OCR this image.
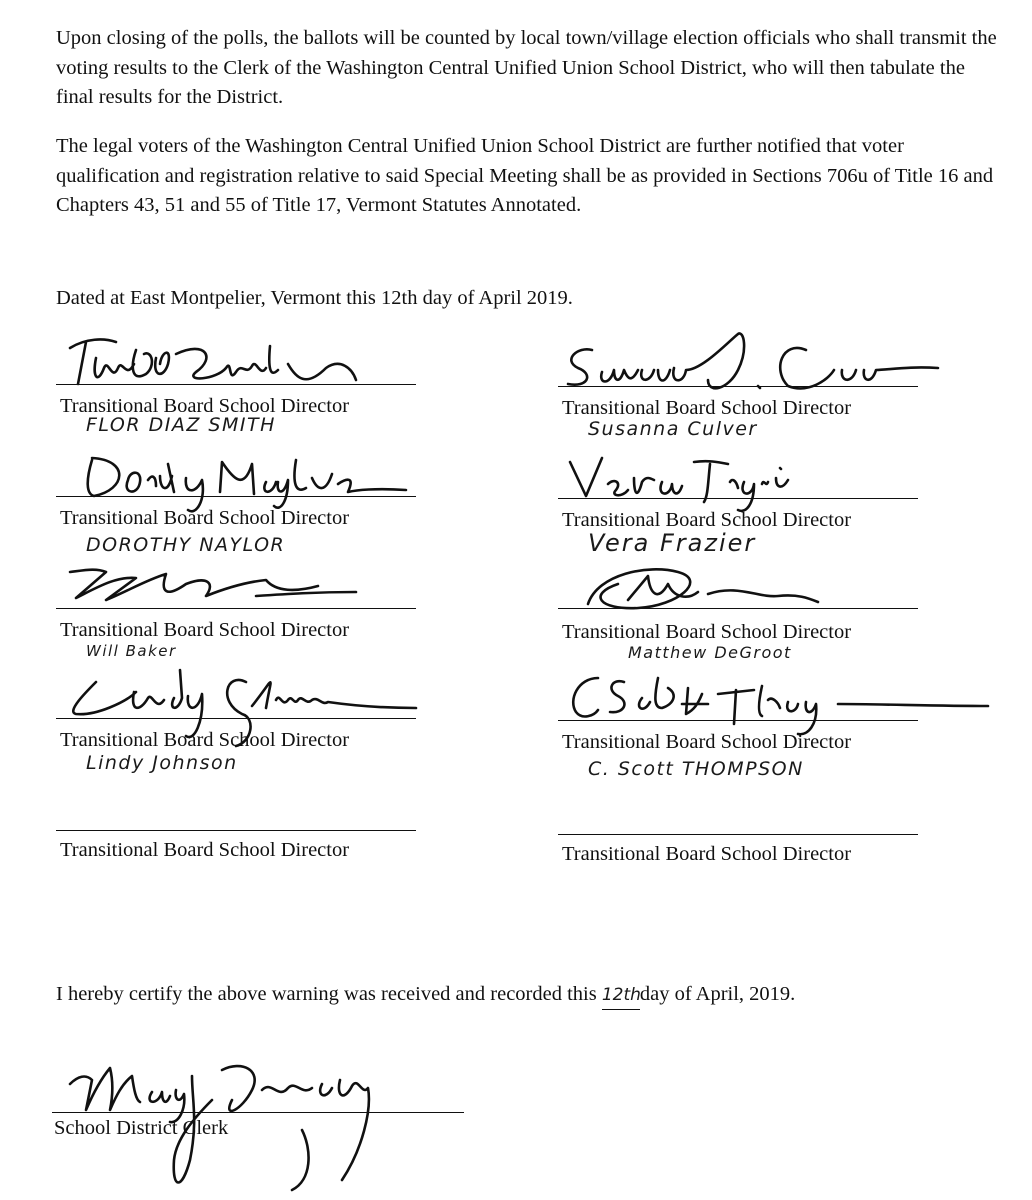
Upon closing of the polls, the ballots will be counted by local town/village election officials who shall transmit the voting results to the Clerk of the Washington Central Unified Union School District, who will then tabulate the final results for the District.

The legal voters of the Washington Central Unified Union School District are further notified that voter qualification and registration relative to said Special Meeting shall be as provided in Sections 706u of Title 16 and Chapters 43, 51 and 55 of Title 17, Vermont Statutes Annotated.

Dated at East Montpelier, Vermont this 12th day of April 2019.
Transitional Board School Director
FLOR DIAZ SMITH
Transitional Board School Director
DOROTHY NAYLOR
Transitional Board School Director
Will Baker
Transitional Board School Director
Lindy Johnson
Transitional Board School Director
Transitional Board School Director
Susanna Culver
Transitional Board School Director
Vera Frazier
Transitional Board School Director
Matthew DeGroot
Transitional Board School Director
C. Scott THOMPSON
Transitional Board School Director
I hereby certify the above warning was received and recorded this 12thday of April, 2019.
School District Clerk
